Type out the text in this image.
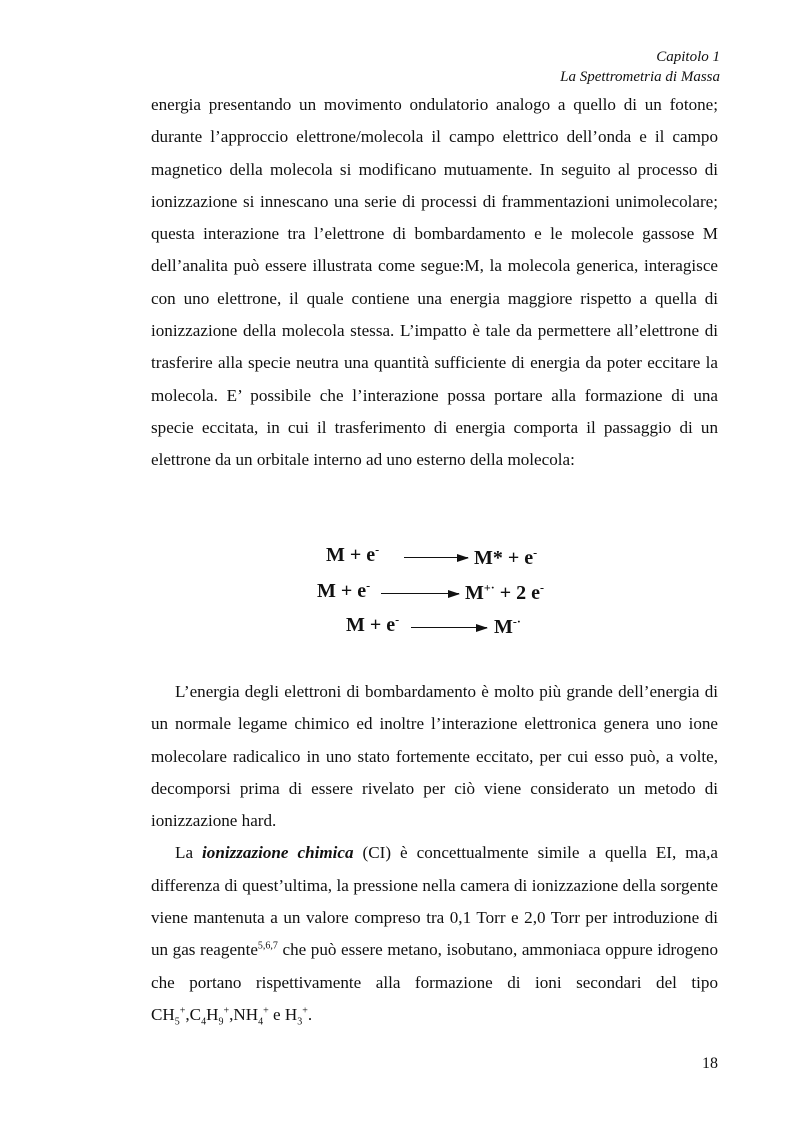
Capitolo 1
La Spettrometria di Massa

energia presentando un movimento ondulatorio analogo a quello di un fotone; durante l’approccio elettrone/molecola il campo elettrico dell’onda e il campo magnetico della molecola si modificano mutuamente. In seguito al processo di ionizzazione si innescano una serie di processi di frammentazioni unimolecolare; questa interazione tra l’elettrone di bombardamento e le molecole gassose M dell’analita può essere illustrata come segue:M, la molecola generica, interagisce con uno elettrone, il quale contiene una energia maggiore rispetto a quella di ionizzazione della molecola stessa. L’impatto è tale da permettere all’elettrone di trasferire alla specie neutra una quantità sufficiente di energia da poter eccitare la molecola. E’ possibile che l’interazione possa portare alla formazione di una specie eccitata, in cui il trasferimento di energia comporta il passaggio di un elettrone da un orbitale interno ad uno esterno della molecola:

M + e- → M* + e-
M + e-	M+· + 2 e-
M + e-	M-·

L’energia degli elettroni di bombardamento è molto più grande dell’energia di un normale legame chimico ed inoltre l’interazione elettronica genera uno ione molecolare radicalico in uno stato fortemente eccitato, per cui esso può, a volte, decomporsi prima di essere rivelato per ciò viene considerato un metodo di ionizzazione hard.

La ionizzazione chimica (CI) è concettualmente simile a quella EI, ma,a differenza di quest’ultima, la pressione nella camera di ionizzazione della sorgente viene mantenuta a un valore compreso tra 0,1 Torr e 2,0 Torr per introduzione di un gas reagente$^{5,6,7}$ che può essere metano, isobutano, ammoniaca oppure idrogeno che portano rispettivamente alla formazione di ioni secondari del tipo $CH_5^+,C_4H_9^+,NH_4^+$ e $H_3^+$.

18
